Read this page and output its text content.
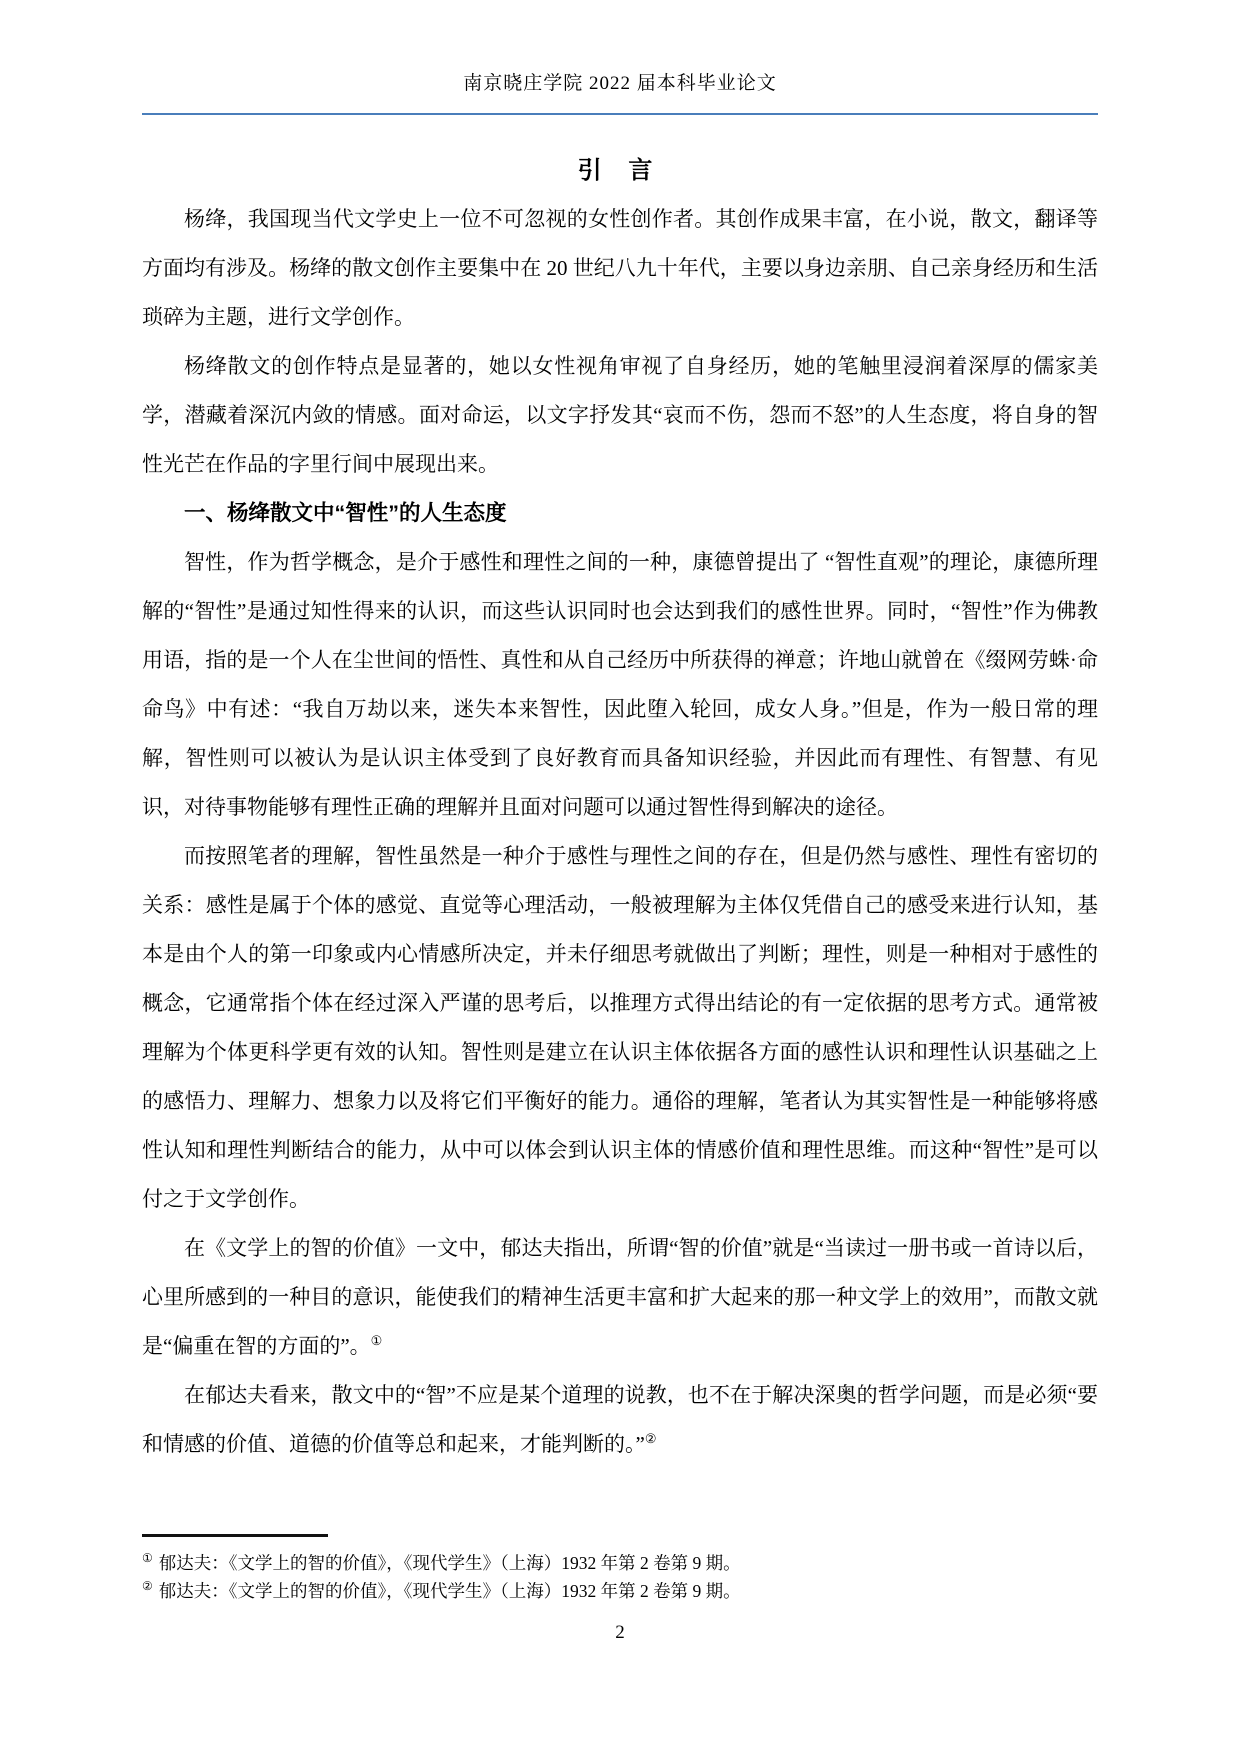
南京晓庄学院 2022 届本科毕业论文
引 言

杨绛，我国现当代文学史上一位不可忽视的女性创作者。其创作成果丰富，在小说，散文，翻译等方面均有涉及。杨绛的散文创作主要集中在 20 世纪八九十年代，主要以身边亲朋、自己亲身经历和生活琐碎为主题，进行文学创作。

杨绛散文的创作特点是显著的，她以女性视角审视了自身经历，她的笔触里浸润着深厚的儒家美学，潜藏着深沉内敛的情感。面对命运，以文字抒发其“哀而不伤，怨而不怒”的人生态度，将自身的智性光芒在作品的字里行间中展现出来。

一、杨绛散文中“智性”的人生态度

智性，作为哲学概念，是介于感性和理性之间的一种，康德曾提出了 “智性直观”的理论，康德所理解的“智性”是通过知性得来的认识，而这些认识同时也会达到我们的感性世界。同时，“智性”作为佛教用语，指的是一个人在尘世间的悟性、真性和从自己经历中所获得的禅意；许地山就曾在《缀网劳蛛·命命鸟》中有述：“我自万劫以来，迷失本来智性，因此堕入轮回，成女人身。”但是，作为一般日常的理解，智性则可以被认为是认识主体受到了良好教育而具备知识经验，并因此而有理性、有智慧、有见识，对待事物能够有理性正确的理解并且面对问题可以通过智性得到解决的途径。

而按照笔者的理解，智性虽然是一种介于感性与理性之间的存在，但是仍然与感性、理性有密切的关系：感性是属于个体的感觉、直觉等心理活动，一般被理解为主体仅凭借自己的感受来进行认知，基本是由个人的第一印象或内心情感所决定，并未仔细思考就做出了判断；理性，则是一种相对于感性的概念，它通常指个体在经过深入严谨的思考后，以推理方式得出结论的有一定依据的思考方式。通常被理解为个体更科学更有效的认知。智性则是建立在认识主体依据各方面的感性认识和理性认识基础之上的感悟力、理解力、想象力以及将它们平衡好的能力。通俗的理解，笔者认为其实智性是一种能够将感性认知和理性判断结合的能力，从中可以体会到认识主体的情感价值和理性思维。而这种“智性”是可以付之于文学创作。

在《文学上的智的价值》一文中，郁达夫指出，所谓“智的价值”就是“当读过一册书或一首诗以后，心里所感到的一种目的意识，能使我们的精神生活更丰富和扩大起来的那一种文学上的效用”，而散文就是“偏重在智的方面的”。①

在郁达夫看来，散文中的“智”不应是某个道理的说教，也不在于解决深奥的哲学问题，而是必须“要和情感的价值、道德的价值等总和起来，才能判断的。”②

① 郁达夫：《文学上的智的价值》，《现代学生》（上海）1932 年第 2 卷第 9 期。
② 郁达夫：《文学上的智的价值》，《现代学生》（上海）1932 年第 2 卷第 9 期。
2
